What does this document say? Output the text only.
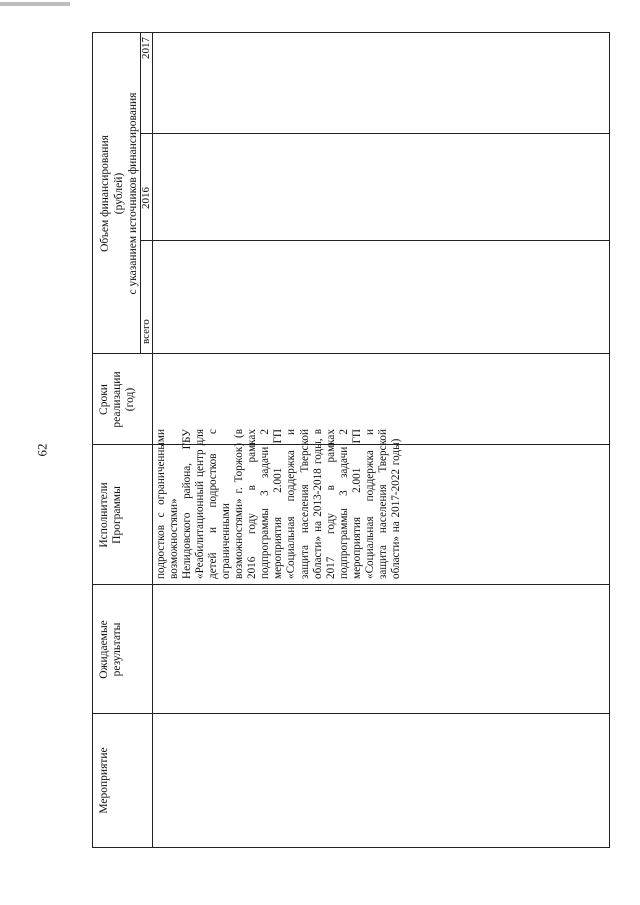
62
Мероприятие
Ожидаемые
результаты
Исполнители
Программы
Сроки
реализации
(год)
Объем финансирования
(рублей)
с указанием источников финансирования
всего
2016
2017
подростков с ограниченными возможностями» Нелидовского района, ГБУ «Реабилитационный центр для детей и подростков с ограниченными возможностями» г. Торжок) (в 2016 году в рамках подпрограммы 3 задачи 2 мероприятия 2.001 ГП «Социальная поддержка и защита населения Тверской области» на 2013-2018 годы, в 2017 году в рамках подпрограммы 3 задачи 2 мероприятия 2.001 ГП «Социальная поддержка и защита населения Тверской области» на 2017-2022 годы)
